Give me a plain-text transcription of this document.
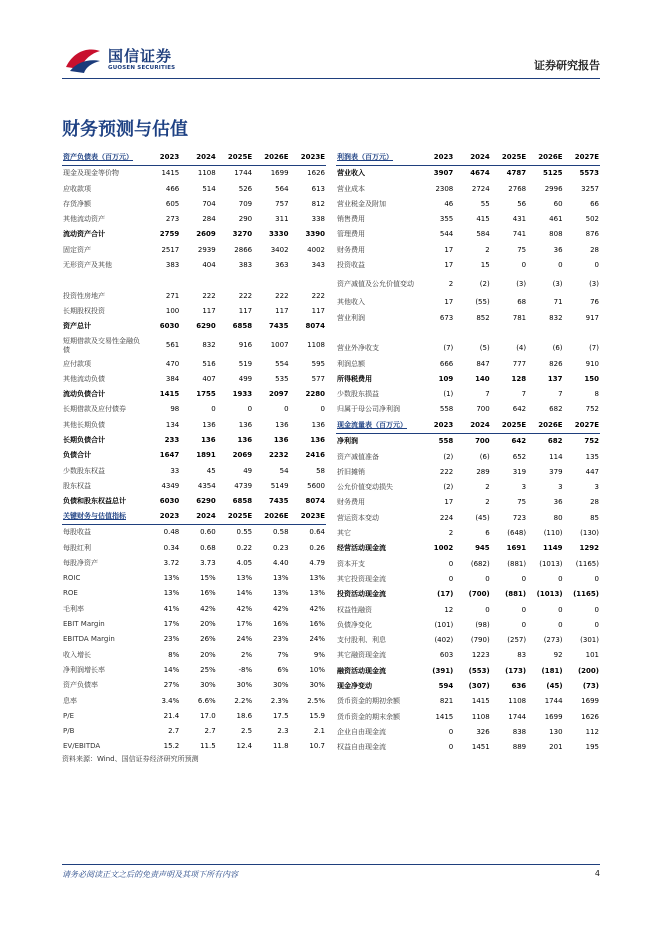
国信证券
GUOSEN SECURITIES	证券研究报告
财务预测与估值
资产负债表（百万元）	2023	2024	2025E	2026E	2023E
现金及现金等价物	1415	1108	1744	1699	1626
应收款项	466	514	526	564	613
存货净额	605	704	709	757	812
其他流动资产	273	284	290	311	338
流动资产合计	2759	2609	3270	3330	3390
固定资产	2517	2939	2866	3402	4002
无形资产及其他	383	404	383	363	343

投资性房地产	271	222	222	222	222
长期股权投资	100	117	117	117	117
资产总计	6030	6290	6858	7435	8074
短期借款及交易性金融负债	561	832	916	1007	1108
应付款项	470	516	519	554	595
其他流动负债	384	407	499	535	577
流动负债合计	1415	1755	1933	2097	2280
长期借款及应付债券	98	0	0	0	0
其他长期负债	134	136	136	136	136
长期负债合计	233	136	136	136	136
负债合计	1647	1891	2069	2232	2416
少数股东权益	33	45	49	54	58
股东权益	4349	4354	4739	5149	5600
负债和股东权益总计	6030	6290	6858	7435	8074
利润表（百万元）	2023	2024	2025E	2026E	2027E
营业收入	3907	4674	4787	5125	5573
营业成本	2308	2724	2768	2996	3257
营业税金及附加	46	55	56	60	66
销售费用	355	415	431	461	502
管理费用	544	584	741	808	876
财务费用	17	2	75	36	28
投资收益	17	15	0	0	0
资产减值及公允价值变动	2	(2)	(3)	(3)	(3)
其他收入	17	(55)	68	71	76
营业利润	673	852	781	832	917

营业外净收支	(7)	(5)	(4)	(6)	(7)
利润总额	666	847	777	826	910
所得税费用	109	140	128	137	150
少数股东损益	(1)	7	7	7	8
归属于母公司净利润	558	700	642	682	752
现金流量表（百万元）	2023	2024	2025E	2026E	2027E
净利润	558	700	642	682	752
资产减值准备	(2)	(6)	652	114	135
折旧摊销	222	289	319	379	447
公允价值变动损失	(2)	2	3	3	3
财务费用	17	2	75	36	28
营运资本变动	224	(45)	723	80	85
其它	2	6	(648)	(110)	(130)
经营活动现金流	1002	945	1691	1149	1292
资本开支	0	(682)	(881)	(1013)	(1165)
其它投资现金流	0	0	0	0	0
投资活动现金流	(17)	(700)	(881)	(1013)	(1165)
权益性融资	12	0	0	0	0
负债净变化	(101)	(98)	0	0	0
支付股利、利息	(402)	(790)	(257)	(273)	(301)
其它融资现金流	603	1223	83	92	101
融资活动现金流	(391)	(553)	(173)	(181)	(200)
现金净变动	594	(307)	636	(45)	(73)
货币资金的期初余额	821	1415	1108	1744	1699
货币资金的期末余额	1415	1108	1744	1699	1626
企业自由现金流	0	326	838	130	112
权益自由现金流	0	1451	889	201	195
关键财务与估值指标	2023	2024	2025E	2026E	2023E
每股收益	0.48	0.60	0.55	0.58	0.64
每股红利	0.34	0.68	0.22	0.23	0.26
每股净资产	3.72	3.73	4.05	4.40	4.79
ROIC	13%	15%	13%	13%	13%
ROE	13%	16%	14%	13%	13%
毛利率	41%	42%	42%	42%	42%
EBIT Margin	17%	20%	17%	16%	16%
EBITDA Margin	23%	26%	24%	23%	24%
收入增长	8%	20%	2%	7%	9%
净利润增长率	14%	25%	-8%	6%	10%
资产负债率	27%	30%	30%	30%	30%
息率	3.4%	6.6%	2.2%	2.3%	2.5%
P/E	21.4	17.0	18.6	17.5	15.9
P/B	2.7	2.7	2.5	2.3	2.1
EV/EBITDA	15.2	11.5	12.4	11.8	10.7
资料来源：Wind、国信证券经济研究所预测
请务必阅读正文之后的免责声明及其项下所有内容	4
